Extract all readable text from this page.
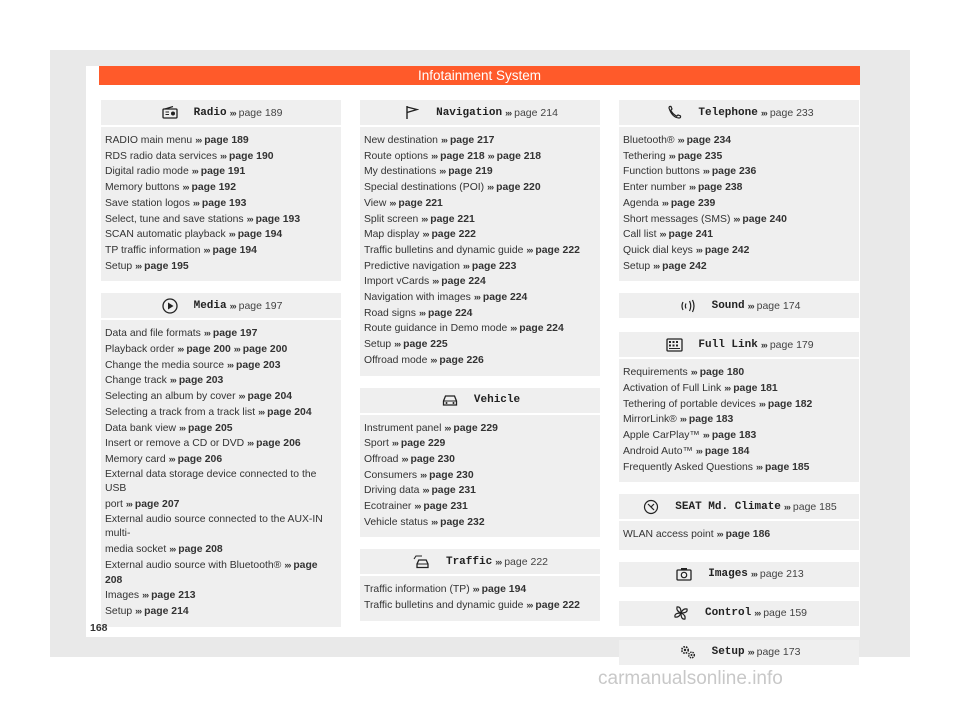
Infotainment System
Radio ››› page 189
RADIO main menu ››› page 189
RDS radio data services ››› page 190
Digital radio mode ››› page 191
Memory buttons ››› page 192
Save station logos ››› page 193
Select, tune and save stations ››› page 193
SCAN automatic playback ››› page 194
TP traffic information ››› page 194
Setup ››› page 195
Media ››› page 197
Data and file formats ››› page 197
Playback order ››› page 200 ››› page 200
Change the media source ››› page 203
Change track ››› page 203
Selecting an album by cover ››› page 204
Selecting a track from a track list ››› page 204
Data bank view ››› page 205
Insert or remove a CD or DVD ››› page 206
Memory card ››› page 206
External data storage device connected to the USB
port ››› page 207
External audio source connected to the AUX-IN multi-
media socket ››› page 208
External audio source with Bluetooth® ››› page 208
Images ››› page 213
Setup ››› page 214
Navigation ››› page 214
New destination ››› page 217
Route options ››› page 218 ››› page 218
My destinations ››› page 219
Special destinations (POI) ››› page 220
View ››› page 221
Split screen ››› page 221
Map display ››› page 222
Traffic bulletins and dynamic guide ››› page 222
Predictive navigation ››› page 223
Import vCards ››› page 224
Navigation with images ››› page 224
Road signs ››› page 224
Route guidance in Demo mode ››› page 224
Setup ››› page 225
Offroad mode ››› page 226
Vehicle
Instrument panel ››› page 229
Sport ››› page 229
Offroad ››› page 230
Consumers ››› page 230
Driving data ››› page 231
Ecotrainer ››› page 231
Vehicle status ››› page 232
Traffic ››› page 222
Traffic information (TP) ››› page 194
Traffic bulletins and dynamic guide ››› page 222
Telephone ››› page 233
Bluetooth® ››› page 234
Tethering ››› page 235
Function buttons ››› page 236
Enter number ››› page 238
Agenda ››› page 239
Short messages (SMS) ››› page 240
Call list ››› page 241
Quick dial keys ››› page 242
Setup ››› page 242
Sound ››› page 174
Full Link ››› page 179
Requirements ››› page 180
Activation of Full Link ››› page 181
Tethering of portable devices ››› page 182
MirrorLink® ››› page 183
Apple CarPlay™ ››› page 183
Android Auto™ ››› page 184
Frequently Asked Questions ››› page 185
SEAT Md. Climate ››› page 185
WLAN access point ››› page 186
Images ››› page 213
Control ››› page 159
Setup ››› page 173
168
carmanualsonline.info
